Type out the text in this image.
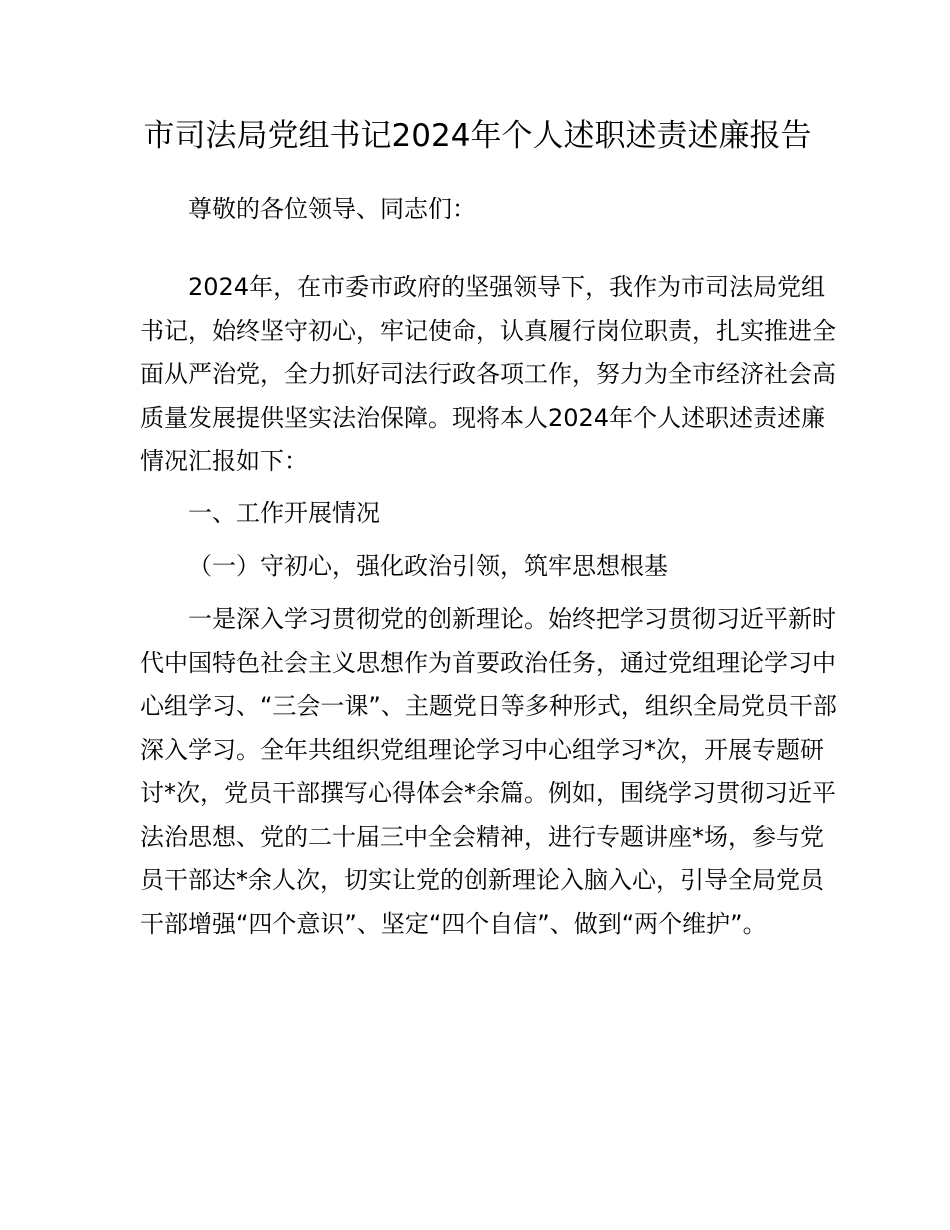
市司法局党组书记2024年个人述职述责述廉报告

尊敬的各位领导、同志们：

2024年，在市委市政府的坚强领导下，我作为市司法局党组书记，始终坚守初心，牢记使命，认真履行岗位职责，扎实推进全面从严治党，全力抓好司法行政各项工作，努力为全市经济社会高质量发展提供坚实法治保障。现将本人2024年个人述职述责述廉情况汇报如下：

一、工作开展情况

（一）守初心，强化政治引领，筑牢思想根基

一是深入学习贯彻党的创新理论。始终把学习贯彻习近平新时代中国特色社会主义思想作为首要政治任务，通过党组理论学习中心组学习、“三会一课”、主题党日等多种形式，组织全局党员干部深入学习。全年共组织党组理论学习中心组学习*次，开展专题研讨*次，党员干部撰写心得体会*余篇。例如，围绕学习贯彻习近平法治思想、党的二十届三中全会精神，进行专题讲座*场，参与党员干部达*余人次，切实让党的创新理论入脑入心，引导全局党员干部增强“四个意识”、坚定“四个自信”、做到“两个维护”。
